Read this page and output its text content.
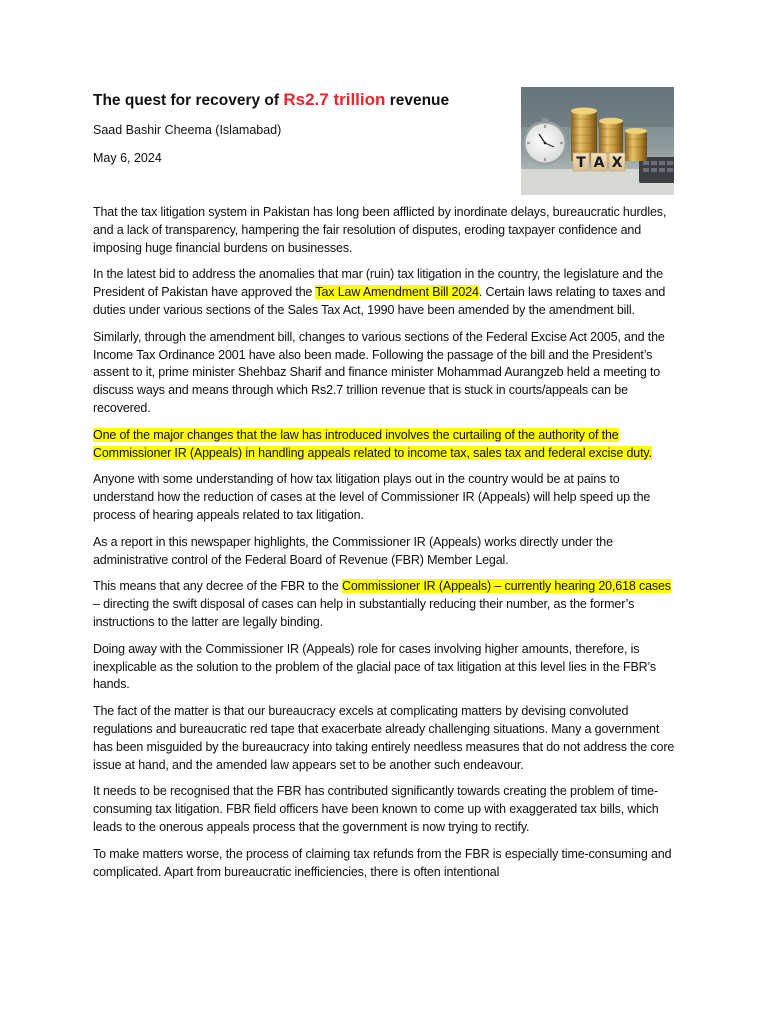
The quest for recovery of Rs2.7 trillion revenue
Saad Bashir Cheema (Islamabad)
May 6, 2024	T A X

That the tax litigation system in Pakistan has long been afflicted by inordinate delays, bureaucratic hurdles, and a lack of transparency, hampering the fair resolution of disputes, eroding taxpayer confidence and imposing huge financial burdens on businesses.

In the latest bid to address the anomalies that mar (ruin) tax litigation in the country, the legislature and the President of Pakistan have approved the Tax Law Amendment Bill 2024. Certain laws relating to taxes and duties under various sections of the Sales Tax Act, 1990 have been amended by the amendment bill.

Similarly, through the amendment bill, changes to various sections of the Federal Excise Act 2005, and the Income Tax Ordinance 2001 have also been made. Following the passage of the bill and the President’s assent to it, prime minister Shehbaz Sharif and finance minister Mohammad Aurangzeb held a meeting to discuss ways and means through which Rs2.7 trillion revenue that is stuck in courts/appeals can be recovered.

One of the major changes that the law has introduced involves the curtailing of the authority of the Commissioner IR (Appeals) in handling appeals related to income tax, sales tax and federal excise duty.

Anyone with some understanding of how tax litigation plays out in the country would be at pains to understand how the reduction of cases at the level of Commissioner IR (Appeals) will help speed up the process of hearing appeals related to tax litigation.

As a report in this newspaper highlights, the Commissioner IR (Appeals) works directly under the administrative control of the Federal Board of Revenue (FBR) Member Legal.

This means that any decree of the FBR to the Commissioner IR (Appeals) – currently hearing 20,618 cases – directing the swift disposal of cases can help in substantially reducing their number, as the former’s instructions to the latter are legally binding.

Doing away with the Commissioner IR (Appeals) role for cases involving higher amounts, therefore, is inexplicable as the solution to the problem of the glacial pace of tax litigation at this level lies in the FBR’s hands.

The fact of the matter is that our bureaucracy excels at complicating matters by devising convoluted regulations and bureaucratic red tape that exacerbate already challenging situations. Many a government has been misguided by the bureaucracy into taking entirely needless measures that do not address the core issue at hand, and the amended law appears set to be another such endeavour.

It needs to be recognised that the FBR has contributed significantly towards creating the problem of time-consuming tax litigation. FBR field officers have been known to come up with exaggerated tax bills, which leads to the onerous appeals process that the government is now trying to rectify.

To make matters worse, the process of claiming tax refunds from the FBR is especially time-consuming and complicated. Apart from bureaucratic inefficiencies, there is often intentional
